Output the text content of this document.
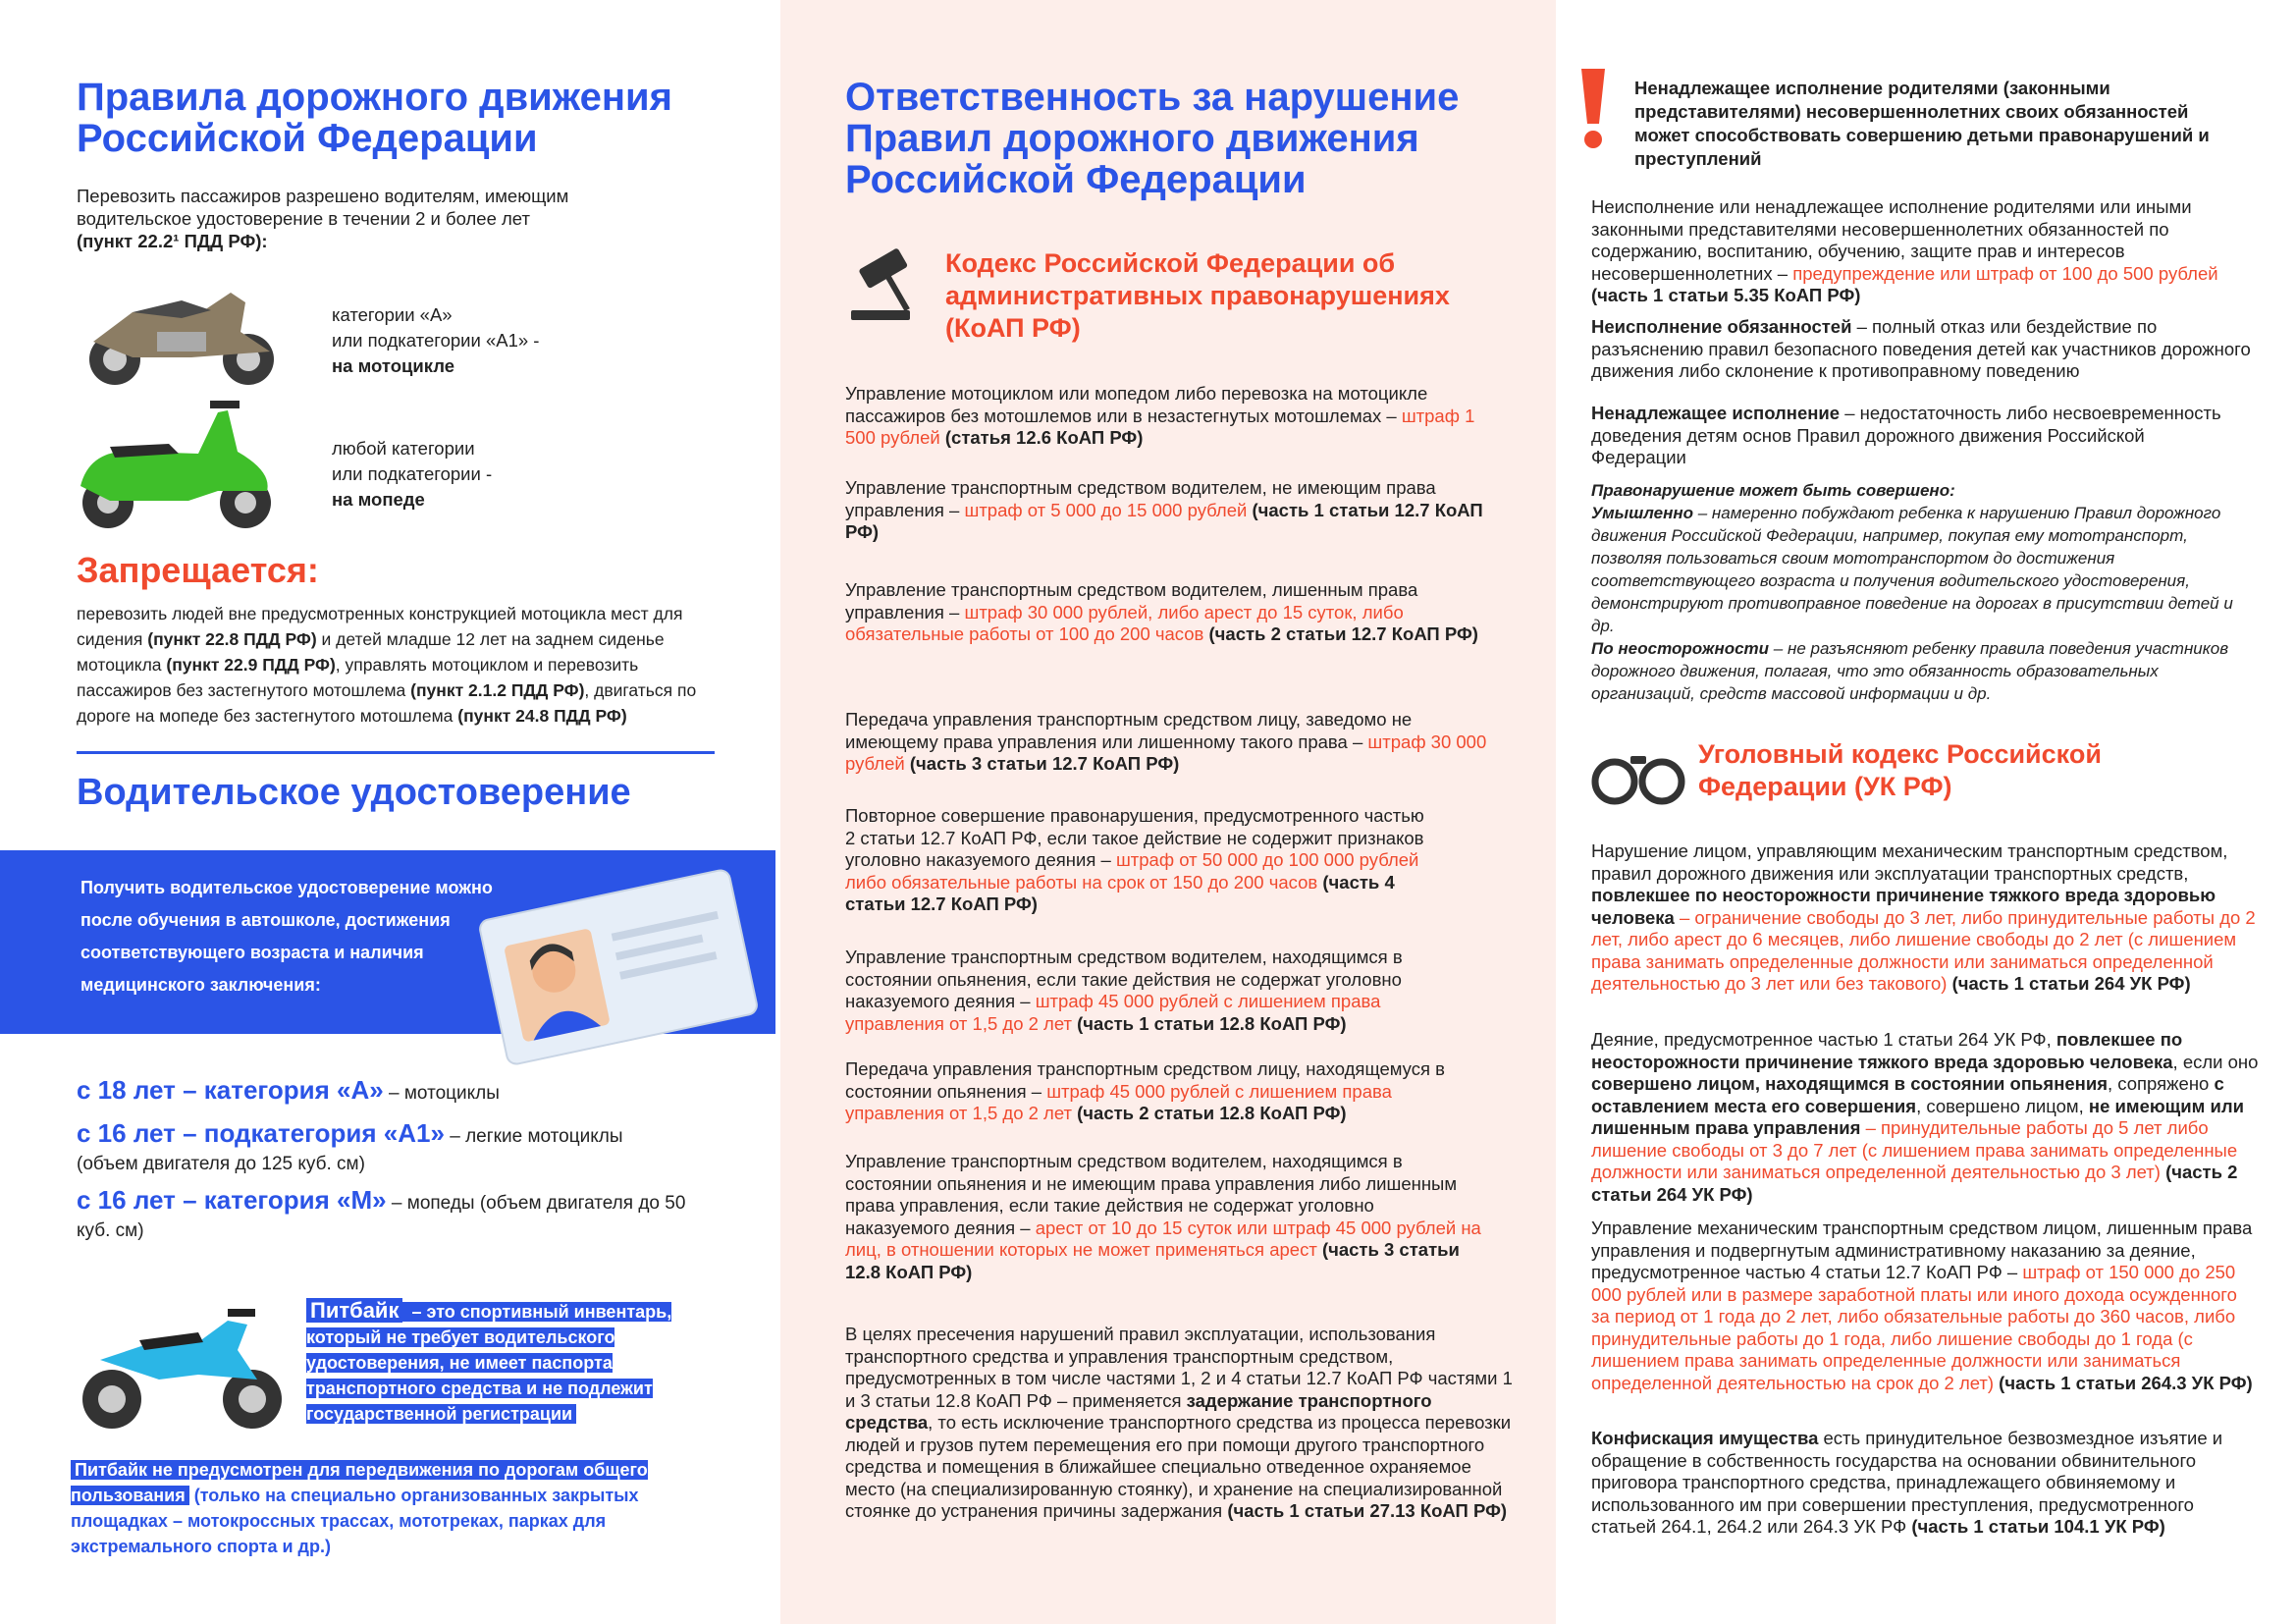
Правила дорожного движения Российской Федерации
Перевозить пассажиров разрешено водителям, имеющим водительское удостоверение в течении 2 и более лет
(пункт 22.2¹ ПДД РФ):
категории «А»
или подкатегории «А1» -
на мотоцикле
любой категории
или подкатегории -
на мопеде
Запрещается:
перевозить людей вне предусмотренных конструкцией мотоцикла мест для сидения (пункт 22.8 ПДД РФ) и детей младше 12 лет на заднем сиденье мотоцикла (пункт 22.9 ПДД РФ), управлять мотоциклом и перевозить пассажиров без застегнутого мотошлема (пункт 2.1.2 ПДД РФ), двигаться по дороге на мопеде без застегнутого мотошлема (пункт 24.8 ПДД РФ)
Водительское удостоверение
Получить водительское удостоверение можно после обучения в автошколе, достижения соответствующего возраста и наличия медицинского заключения:
с 18 лет – категория «А» – мотоциклы
с 16 лет – подкатегория «А1» – легкие мотоциклы (объем двигателя до 125 куб. см)
с 16 лет – категория «М» – мопеды (объем двигателя до 50 куб. см)
Питбайк – это спортивный инвентарь, который не требует водительского удостоверения, не имеет паспорта транспортного средства и не подлежит государственной регистрации
Питбайк не предусмотрен для передвижения по дорогам общего пользования (только на специально организованных закрытых площадках – мотокроссных трассах, мототреках, парках для экстремального спорта и др.)
Ответственность за нарушение Правил дорожного движения Российской Федерации
Кодекс Российской Федерации об административных правонарушениях (КоАП РФ)
Управление мотоциклом или мопедом либо перевозка на мотоцикле пассажиров без мотошлемов или в незастегнутых мотошлемах – штраф 1 500 рублей (статья 12.6 КоАП РФ)
Управление транспортным средством водителем, не имеющим права управления – штраф от 5 000 до 15 000 рублей (часть 1 статьи 12.7 КоАП РФ)
Управление транспортным средством водителем, лишенным права управления – штраф 30 000 рублей, либо арест до 15 суток, либо обязательные работы от 100 до 200 часов (часть 2 статьи 12.7 КоАП РФ)
Передача управления транспортным средством лицу, заведомо не имеющему права управления или лишенному такого права – штраф 30 000 рублей (часть 3 статьи 12.7 КоАП РФ)
Повторное совершение правонарушения, предусмотренного частью 2 статьи 12.7 КоАП РФ, если такое действие не содержит признаков уголовно наказуемого деяния – штраф от 50 000 до 100 000 рублей либо обязательные работы на срок от 150 до 200 часов (часть 4 статьи 12.7 КоАП РФ)
Управление транспортным средством водителем, находящимся в состоянии опьянения, если такие действия не содержат уголовно наказуемого деяния – штраф 45 000 рублей с лишением права управления от 1,5 до 2 лет (часть 1 статьи 12.8 КоАП РФ)
Передача управления транспортным средством лицу, находящемуся в состоянии опьянения – штраф 45 000 рублей с лишением права управления от 1,5 до 2 лет (часть 2 статьи 12.8 КоАП РФ)
Управление транспортным средством водителем, находящимся в состоянии опьянения и не имеющим права управления либо лишенным права управления, если такие действия не содержат уголовно наказуемого деяния – арест от 10 до 15 суток или штраф 45 000 рублей на лиц, в отношении которых не может применяться арест (часть 3 статьи 12.8 КоАП РФ)
В целях пресечения нарушений правил эксплуатации, использования транспортного средства и управления транспортным средством, предусмотренных в том числе частями 1, 2 и 4 статьи 12.7 КоАП РФ частями 1 и 3 статьи 12.8 КоАП РФ – применяется задержание транспортного средства, то есть исключение транспортного средства из процесса перевозки людей и грузов путем перемещения его при помощи другого транспортного средства и помещения в ближайшее специально отведенное охраняемое место (на специализированную стоянку), и хранение на специализированной стоянке до устранения причины задержания (часть 1 статьи 27.13 КоАП РФ)
Ненадлежащее исполнение родителями (законными представителями) несовершеннолетних своих обязанностей может способствовать совершению детьми правонарушений и преступлений
Неисполнение или ненадлежащее исполнение родителями или иными законными представителями несовершеннолетних обязанностей по содержанию, воспитанию, обучению, защите прав и интересов несовершеннолетних – предупреждение или штраф от 100 до 500 рублей (часть 1 статьи 5.35 КоАП РФ)
Неисполнение обязанностей – полный отказ или бездействие по разъяснению правил безопасного поведения детей как участников дорожного движения либо склонение к противоправному поведению
Ненадлежащее исполнение – недостаточность либо несвоевременность доведения детям основ Правил дорожного движения Российской Федерации
Правонарушение может быть совершено:
Умышленно – намеренно побуждают ребенка к нарушению Правил дорожного движения Российской Федерации, например, покупая ему мототранспорт, позволяя пользоваться своим мототранспортом до достижения соответствующего возраста и получения водительского удостоверения, демонстрируют противоправное поведение на дорогах в присутствии детей и др.
По неосторожности – не разъясняют ребенку правила поведения участников дорожного движения, полагая, что это обязанность образовательных организаций, средств массовой информации и др.
Уголовный кодекс Российской Федерации (УК РФ)
Нарушение лицом, управляющим механическим транспортным средством, правил дорожного движения или эксплуатации транспортных средств, повлекшее по неосторожности причинение тяжкого вреда здоровью человека – ограничение свободы до 3 лет, либо принудительные работы до 2 лет, либо арест до 6 месяцев, либо лишение свободы до 2 лет (с лишением права занимать определенные должности или заниматься определенной деятельностью до 3 лет или без такового) (часть 1 статьи 264 УК РФ)
Деяние, предусмотренное частью 1 статьи 264 УК РФ, повлекшее по неосторожности причинение тяжкого вреда здоровью человека, если оно совершено лицом, находящимся в состоянии опьянения, сопряжено с оставлением места его совершения, совершено лицом, не имеющим или лишенным права управления – принудительные работы до 5 лет либо лишение свободы от 3 до 7 лет (с лишением права занимать определенные должности или заниматься определенной деятельностью до 3 лет) (часть 2 статьи 264 УК РФ)
Управление механическим транспортным средством лицом, лишенным права управления и подвергнутым административному наказанию за деяние, предусмотренное частью 4 статьи 12.7 КоАП РФ – штраф от 150 000 до 250 000 рублей или в размере заработной платы или иного дохода осужденного за период от 1 года до 2 лет, либо обязательные работы до 360 часов, либо принудительные работы до 1 года, либо лишение свободы до 1 года (с лишением права занимать определенные должности или заниматься определенной деятельностью на срок до 2 лет) (часть 1 статьи 264.3 УК РФ)
Конфискация имущества есть принудительное безвозмездное изъятие и обращение в собственность государства на основании обвинительного приговора транспортного средства, принадлежащего обвиняемому и использованного им при совершении преступления, предусмотренного статьей 264.1, 264.2 или 264.3 УК РФ (часть 1 статьи 104.1 УК РФ)
